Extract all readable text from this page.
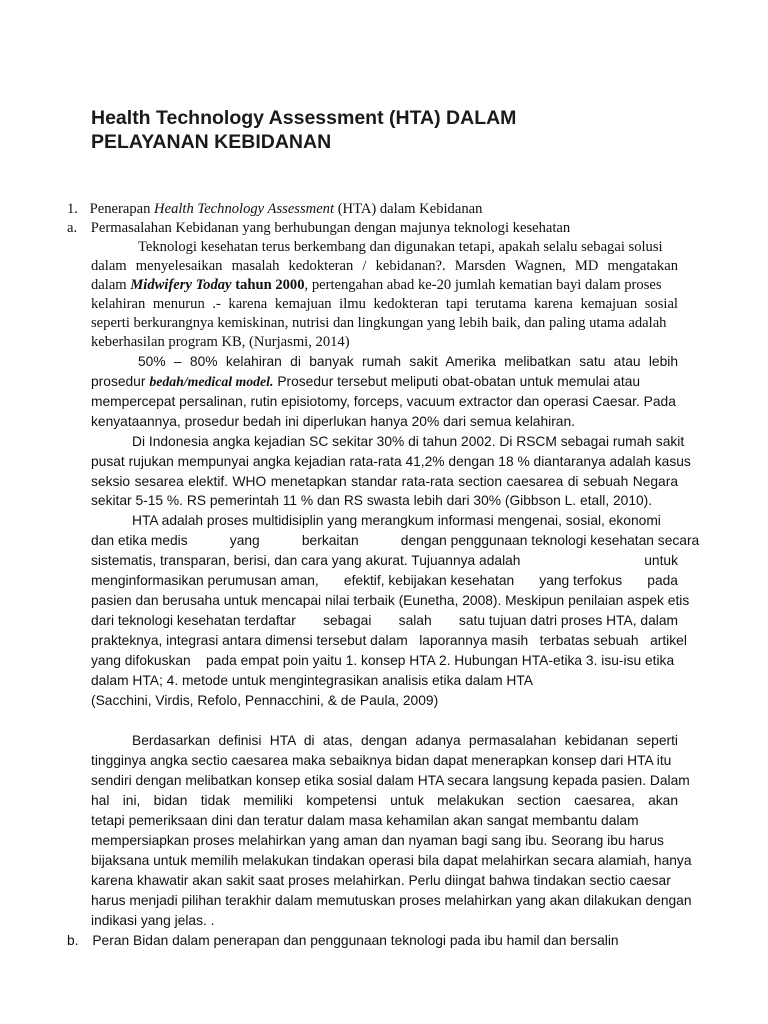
Health Technology Assessment (HTA) DALAM
PELAYANAN KEBIDANAN
1. Penerapan Health Technology Assessment (HTA) dalam Kebidanan
a. Permasalahan Kebidanan yang berhubungan dengan majunya teknologi kesehatan
Teknologi kesehatan terus berkembang dan digunakan tetapi, apakah selalu sebagai solusi
dalam menyelesaikan masalah kedokteran / kebidanan?. Marsden Wagnen, MD mengatakan
dalam Midwifery Today tahun 2000, pertengahan abad ke-20 jumlah kematian bayi dalam proses
kelahiran menurun .- karena kemajuan ilmu kedokteran tapi terutama karena kemajuan sosial
seperti berkurangnya kemiskinan, nutrisi dan lingkungan yang lebih baik, dan paling utama adalah
keberhasilan program KB, (Nurjasmi, 2014)
50% – 80% kelahiran di banyak rumah sakit Amerika melibatkan satu atau lebih
prosedur bedah/medical model. Prosedur tersebut meliputi obat-obatan untuk memulai atau
mempercepat persalinan, rutin episiotomy, forceps, vacuum extractor dan operasi Caesar. Pada
kenyataannya, prosedur bedah ini diperlukan hanya 20% dari semua kelahiran.
Di Indonesia angka kejadian SC sekitar 30% di tahun 2002. Di RSCM sebagai rumah sakit
pusat rujukan mempunyai angka kejadian rata-rata 41,2% dengan 18 % diantaranya adalah kasus
seksio sesarea elektif. WHO menetapkan standar rata-rata section caesarea di sebuah Negara
sekitar 5-15 %. RS pemerintah 11 % dan RS swasta lebih dari 30% (Gibbson L. etall, 2010).
HTA adalah proses multidisiplin yang merangkum informasi mengenai, sosial, ekonomi
dan etika medis           yang           berkaitan           dengan penggunaan teknologi kesehatan secara
sistematis, transparan, berisi, dan cara yang akurat. Tujuannya adalah	untuk
menginformasikan perumusan aman, efektif, kebijakan kesehatan yang terfokus pada
pasien dan berusaha untuk mencapai nilai terbaik (Eunetha, 2008). Meskipun penilaian aspek etis
dari teknologi kesehatan terdaftar sebagai salah satu tujuan datri proses HTA, dalam
prakteknya, integrasi antara dimensi tersebut dalam   laporannya masih   terbatas sebuah   artikel
yang difokuskan    pada empat poin yaitu 1. konsep HTA 2. Hubungan HTA-etika 3. isu-isu etika
dalam HTA; 4. metode untuk mengintegrasikan analisis etika dalam HTA
(Sacchini, Virdis, Refolo, Pennacchini, & de Paula, 2009)
Berdasarkan definisi HTA di atas, dengan adanya permasalahan kebidanan seperti
tingginya angka sectio caesarea maka sebaiknya bidan dapat menerapkan konsep dari HTA itu
sendiri dengan melibatkan konsep etika sosial dalam HTA secara langsung kepada pasien. Dalam
hal ini, bidan tidak memiliki kompetensi untuk melakukan section caesarea, akan
tetapi pemeriksaan dini dan teratur dalam masa kehamilan akan sangat membantu dalam
mempersiapkan proses melahirkan yang aman dan nyaman bagi sang ibu. Seorang ibu harus
bijaksana untuk memilih melakukan tindakan operasi bila dapat melahirkan secara alamiah, hanya
karena khawatir akan sakit saat proses melahirkan. Perlu diingat bahwa tindakan sectio caesar
harus menjadi pilihan terakhir dalam memutuskan proses melahirkan yang akan dilakukan dengan
indikasi yang jelas. .
b. Peran Bidan dalam penerapan dan penggunaan teknologi pada ibu hamil dan bersalin
